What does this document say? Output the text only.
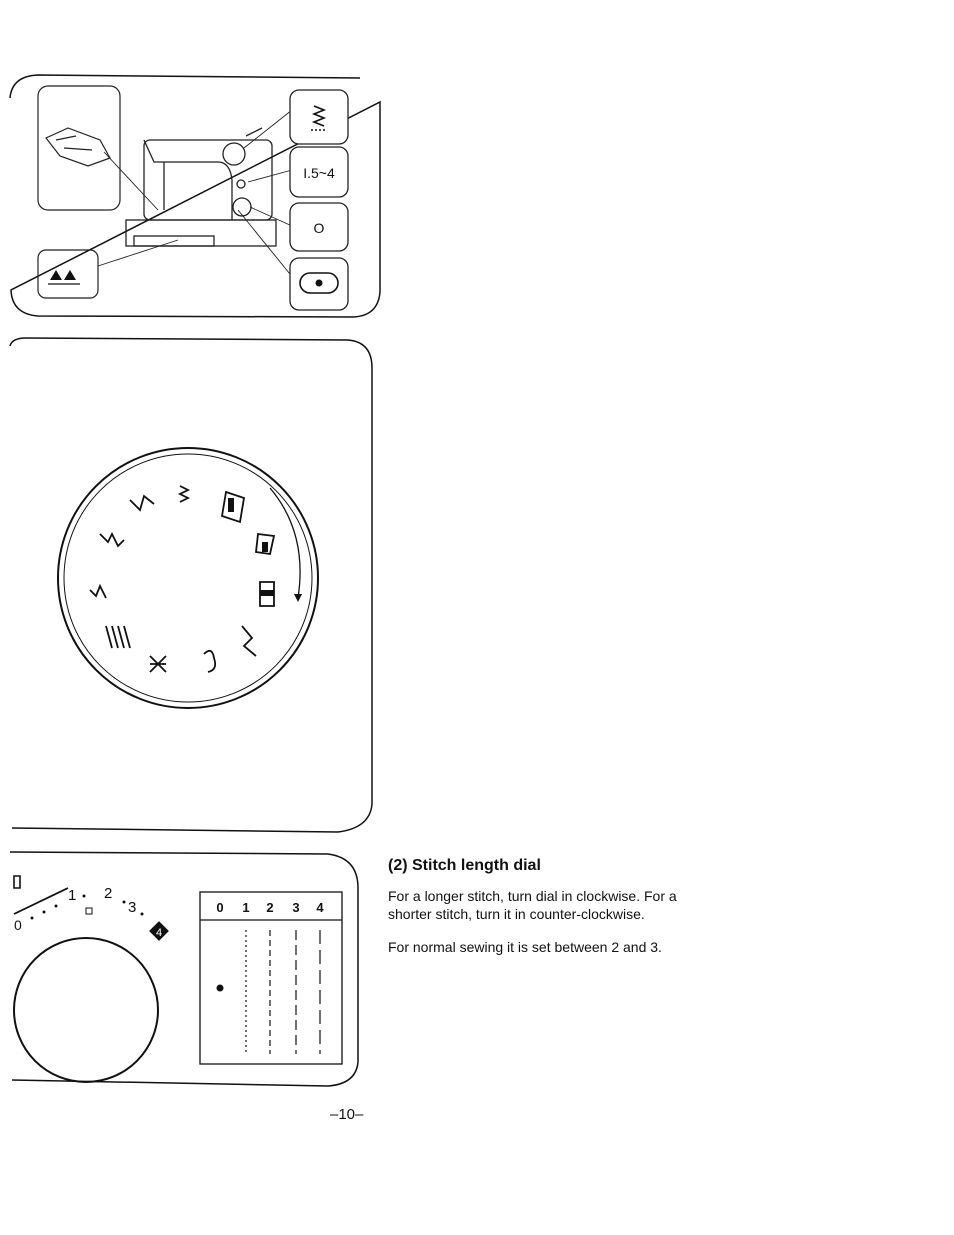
I.5~4
O
0
1 2
3
4
0 1 2 3 4
(2) Stitch length dial

For a longer stitch, turn dial in clockwise. For a shorter stitch, turn it in counter-clockwise.

For normal sewing it is set between 2 and 3.

–10–
